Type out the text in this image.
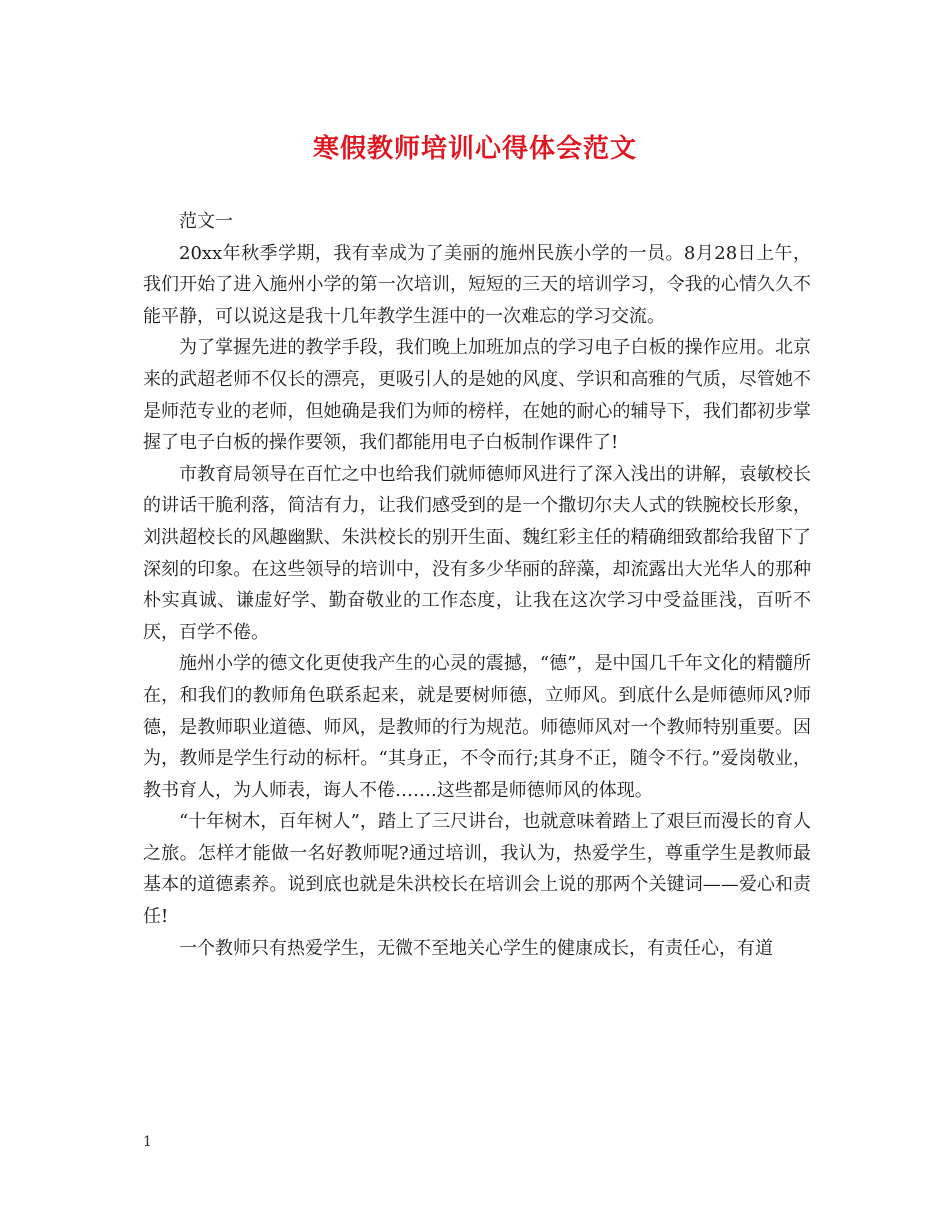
寒假教师培训心得体会范文

范文一

20xx年秋季学期，我有幸成为了美丽的施州民族小学的一员。8月28日上午，我们开始了进入施州小学的第一次培训，短短的三天的培训学习，令我的心情久久不能平静，可以说这是我十几年教学生涯中的一次难忘的学习交流。

为了掌握先进的教学手段，我们晚上加班加点的学习电子白板的操作应用。北京来的武超老师不仅长的漂亮，更吸引人的是她的风度、学识和高雅的气质，尽管她不是师范专业的老师，但她确是我们为师的榜样，在她的耐心的辅导下，我们都初步掌握了电子白板的操作要领，我们都能用电子白板制作课件了!

市教育局领导在百忙之中也给我们就师德师风进行了深入浅出的讲解，袁敏校长的讲话干脆利落，简洁有力，让我们感受到的是一个撒切尔夫人式的铁腕校长形象，刘洪超校长的风趣幽默、朱洪校长的别开生面、魏红彩主任的精确细致都给我留下了深刻的印象。在这些领导的培训中，没有多少华丽的辞藻，却流露出大光华人的那种朴实真诚、谦虚好学、勤奋敬业的工作态度，让我在这次学习中受益匪浅，百听不厌，百学不倦。

施州小学的德文化更使我产生的心灵的震撼，“德”，是中国几千年文化的精髓所在，和我们的教师角色联系起来，就是要树师德，立师风。到底什么是师德师风?师德，是教师职业道德、师风，是教师的行为规范。师德师风对一个教师特别重要。因为，教师是学生行动的标杆。“其身正，不令而行;其身不正，随令不行。”爱岗敬业，教书育人，为人师表，诲人不倦…….这些都是师德师风的体现。

“十年树木，百年树人”，踏上了三尺讲台，也就意味着踏上了艰巨而漫长的育人之旅。怎样才能做一名好教师呢?通过培训，我认为，热爱学生，尊重学生是教师最基本的道德素养。说到底也就是朱洪校长在培训会上说的那两个关键词——爱心和责任!

一个教师只有热爱学生，无微不至地关心学生的健康成长，有责任心，有道

1
